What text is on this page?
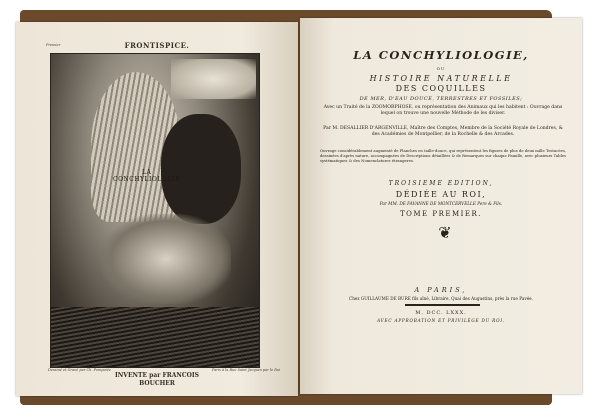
Premier	FRONTISPICE.
LA
CONCHYLIOLOGIE
Dessiné et Gravé par Ch. Pompeiée	Paris à la Rue Saint Jacques par le Roi
INVENTE par FRANCOIS
BOUCHER
LA CONCHYLIOLOGIE,
OU
HISTOIRE NATURELLE
DES COQUILLES
DE MER, D'EAU DOUCE, TERRESTRES ET FOSSILES;
Avec un Traité de la ZOOMORPHOSE, ou représentation des Animaux qui les habitent : Ouvrage dans lequel on trouve une nouvelle Méthode de les diviser.
Par M. DESALLIER D'ARGENVILLE, Maître des Comptes, Membre de la Société Royale de Londres, & des Académies de Montpellier, de la Rochelle & des Arcades.
Ouvrage considérablement augmenté de Planches en taille-douce, qui représentent les figures de plus de deux mille Testacées, dessinées d'après nature, accompagnées de Descriptions détaillées & de Remarques sur chaque Famille, avec plusieurs Tables systématiques & des Nomenclatures étrangeres.
TROISIEME EDITION,
DÉDIÉE AU ROI,
Par MM. DE FAVANNE DE MONTCERVELLE Pere & Fils.
TOME PREMIER.
❦
A PARIS,
Chez GUILLAUME DE BURE fils aîné, Libraire, Quai des Augustins, près la rue Pavée.
M. DCC. LXXX.
AVEC APPROBATION ET PRIVILÉGE DU ROI.
